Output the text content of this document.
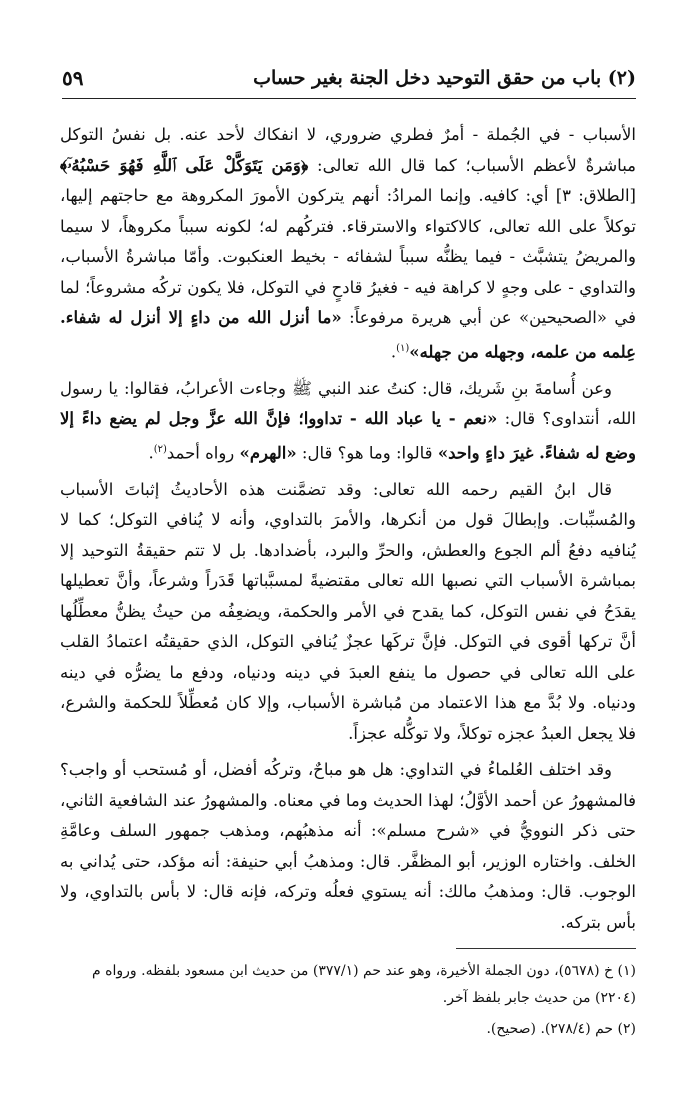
(٢) باب من حقق التوحيد دخل الجنة بغير حساب
٥٩

الأسباب - في الجُملة - أمرٌ فطري ضروري، لا انفكاك لأحد عنه. بل نفسُ التوكل مباشرةٌ لأعظم الأسباب؛ كما قال الله تعالى: ﴿وَمَن يَتَوَكَّلْ عَلَى ٱللَّهِ فَهُوَ حَسْبُهُۥٓ﴾ [الطلاق: ٣] أي: كافيه. وإنما المرادُ: أنهم يتركون الأمورَ المكروهة مع حاجتهم إليها، توكلاً على الله تعالى، كالاكتواء والاسترقاء. فتركُهم له؛ لكونه سبباً مكروهاً، لا سيما والمريضُ يتشبَّث - فيما يظنُّه سبباً لشفائه - بخيط العنكبوت. وأمّا مباشرةُ الأسباب، والتداوي - على وجهٍ لا كراهة فيه - فغيرُ قادحٍ في التوكل، فلا يكون تركُه مشروعاً؛ لما في «الصحيحين» عن أبي هريرة مرفوعاً: «ما أنزل الله من داءٍ إلا أنزل له شفاء. عِلمه من علمه، وجهله من جهله»$^{(١)}$.

وعن أُسامةَ بنِ شَريك، قال: كنتُ عند النبي ﷺ وجاءت الأعرابُ، فقالوا: يا رسول الله، أنتداوى؟ قال: «نعم - يا عباد الله - تداووا؛ فإنَّ الله عزَّ وجل لم يضع داءً إلا وضع له شفاءً. غيرَ داءٍ واحد» قالوا: وما هو؟ قال: «الهرم» رواه أحمد$^{(٢)}$.

قال ابنُ القيم رحمه الله تعالى: وقد تضمَّنت هذه الأحاديثُ إثباتَ الأسباب والمُسبِّبات. وإبطالَ قول من أنكرها، والأمرَ بالتداوي، وأنه لا يُنافي التوكل؛ كما لا يُنافيه دفعُ ألم الجوع والعطش، والحرِّ والبرد، بأضدادها. بل لا تتم حقيقةُ التوحيد إلا بمباشرة الأسباب التي نصبها الله تعالى مقتضيةً لمسبَّباتها قَدَراً وشرعاً، وأنَّ تعطيلها يقدَحُ في نفس التوكل، كما يقدح في الأمر والحكمة، ويضعِفُه من حيثُ يظنُّ معطِّلُها أنَّ تركها أقوى في التوكل. فإنَّ تركَها عجزٌ يُنافي التوكل، الذي حقيقتُه اعتمادُ القلب على الله تعالى في حصول ما ينفع العبدَ في دينه ودنياه، ودفع ما يضرُّه في دينه ودنياه. ولا بُدَّ مع هذا الاعتماد من مُباشرة الأسباب، وإلا كان مُعطِّلاً للحكمة والشرع، فلا يجعل العبدُ عجزه توكلاً، ولا توكُّله عجزاً.

وقد اختلف العُلماءُ في التداوي: هل هو مباحٌ، وتركُه أفضل، أو مُستحب أو واجب؟ فالمشهورُ عن أحمد الأوَّلُ؛ لهذا الحديث وما في معناه. والمشهورُ عند الشافعية الثاني، حتى ذكر النوويُّ في «شرح مسلم»: أنه مذهبُهم، ومذهب جمهور السلف وعامَّةِ الخلف. واختاره الوزير، أبو المظفَّر. قال: ومذهبُ أبي حنيفة: أنه مؤكد، حتى يُداني به الوجوب. قال: ومذهبُ مالك: أنه يستوي فعلُه وتركه، فإنه قال: لا بأس بالتداوي، ولا بأس بتركه.

(١) خ (٥٦٧٨)، دون الجملة الأخيرة، وهو عند حم (٣٧٧/١) من حديث ابن مسعود بلفظه. ورواه م (٢٢٠٤) من حديث جابر بلفظ آخر.
(٢) حم (٢٧٨/٤). (صحيح).
